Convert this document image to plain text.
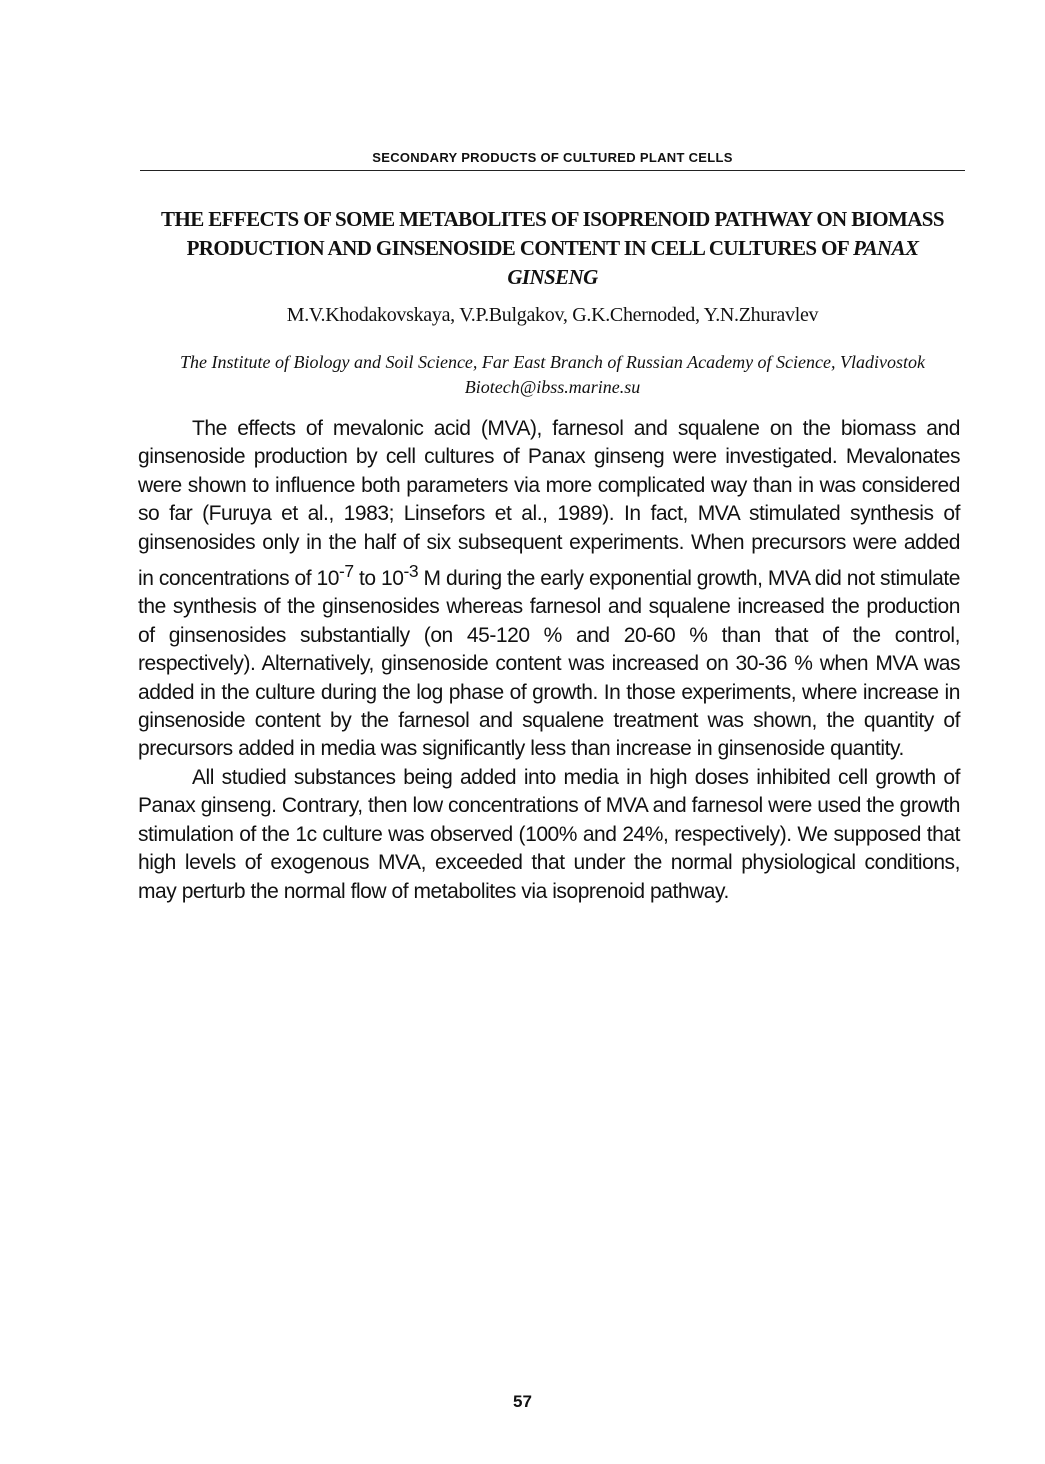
SECONDARY PRODUCTS OF CULTURED PLANT CELLS
THE EFFECTS OF SOME METABOLITES OF ISOPRENOID PATHWAY ON BIOMASS PRODUCTION AND GINSENOSIDE CONTENT IN CELL CULTURES OF PANAX GINSENG
M.V.Khodakovskaya, V.P.Bulgakov, G.K.Chernoded, Y.N.Zhuravlev
The Institute of Biology and Soil Science, Far East Branch of Russian Academy of Science, Vladivostok Biotech@ibss.marine.su

The effects of mevalonic acid (MVA), farnesol and squalene on the biomass and ginsenoside production by cell cultures of Panax ginseng were investigated. Mevalonates were shown to influence both parameters via more complicated way than in was considered so far (Furuya et al., 1983; Linsefors et al., 1989). In fact, MVA stimulated synthesis of ginsenosides only in the half of six subsequent experiments. When precursors were added in concentrations of $10^{-7}$ to $10^{-3}$ M during the early exponential growth, MVA did not stimulate the synthesis of the ginsenosides whereas farnesol and squalene increased the production of ginsenosides substantially (on 45-120 % and 20-60 % than that of the control, respectively). Alternatively, ginsenoside content was increased on 30-36 % when MVA was added in the culture during the log phase of growth. In those experiments, where increase in ginsenoside content by the farnesol and squalene treatment was shown, the quantity of precursors added in media was significantly less than increase in ginsenoside quantity.

All studied substances being added into media in high doses inhibited cell growth of Panax ginseng. Contrary, then low concentrations of MVA and farnesol were used the growth stimulation of the 1c culture was observed (100% and 24%, respectively). We supposed that high levels of exogenous MVA, exceeded that under the normal physiological conditions, may perturb the normal flow of metabolites via isoprenoid pathway.

57
